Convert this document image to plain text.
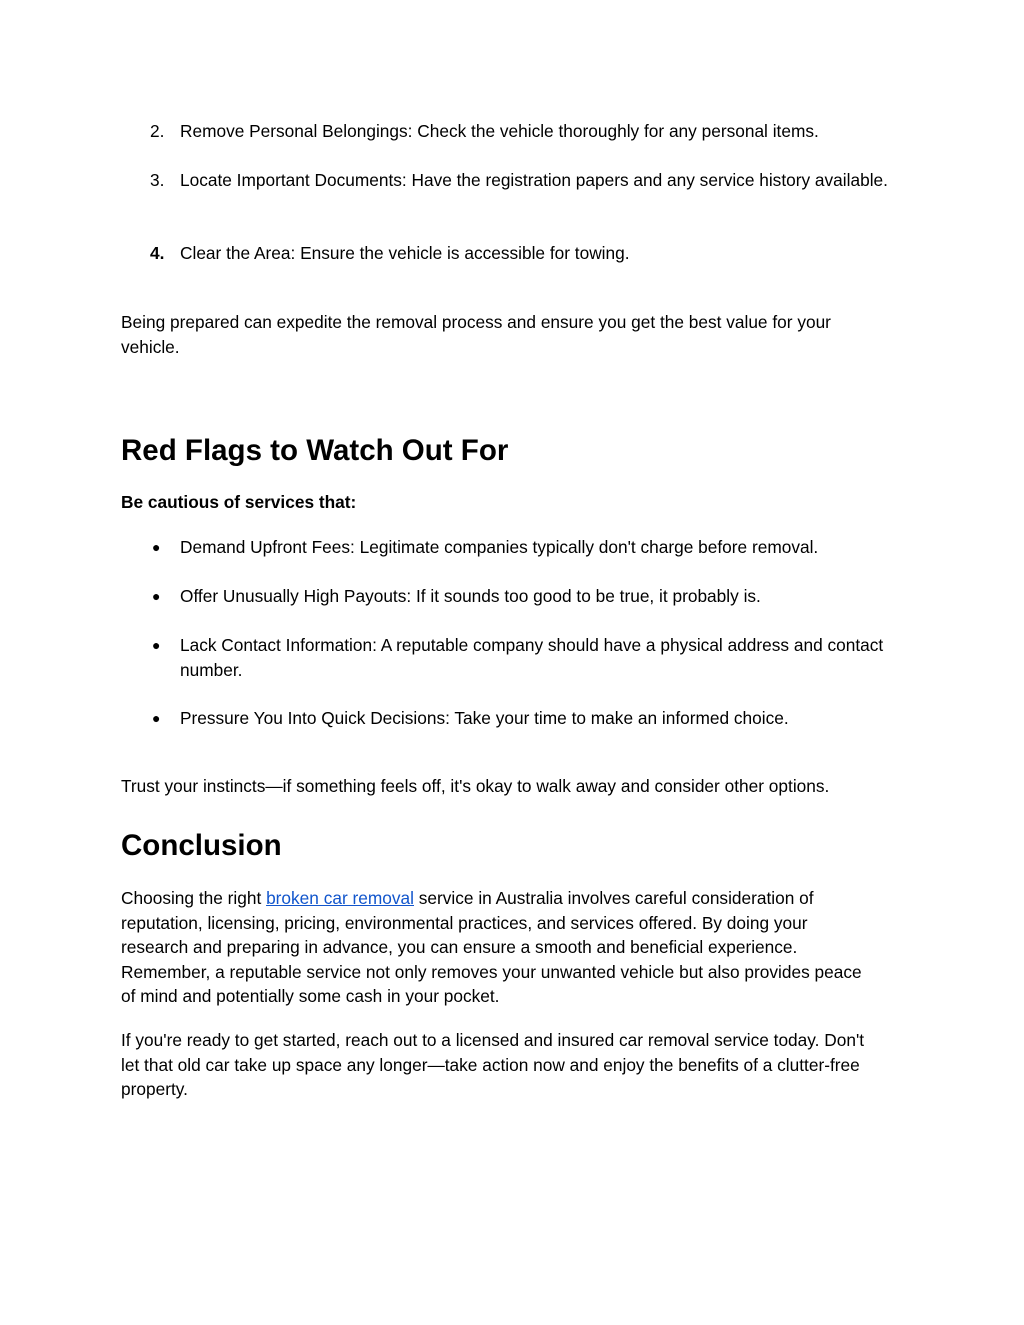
2. Remove Personal Belongings: Check the vehicle thoroughly for any personal items.
3. Locate Important Documents: Have the registration papers and any service history available.
4. Clear the Area: Ensure the vehicle is accessible for towing.

Being prepared can expedite the removal process and ensure you get the best value for your vehicle.

Red Flags to Watch Out For

Be cautious of services that:

● Demand Upfront Fees: Legitimate companies typically don't charge before removal.
● Offer Unusually High Payouts: If it sounds too good to be true, it probably is.
● Lack Contact Information: A reputable company should have a physical address and contact number.
● Pressure You Into Quick Decisions: Take your time to make an informed choice.

Trust your instincts—if something feels off, it's okay to walk away and consider other options.

Conclusion

Choosing the right broken car removal service in Australia involves careful consideration of reputation, licensing, pricing, environmental practices, and services offered. By doing your research and preparing in advance, you can ensure a smooth and beneficial experience. Remember, a reputable service not only removes your unwanted vehicle but also provides peace of mind and potentially some cash in your pocket.

If you're ready to get started, reach out to a licensed and insured car removal service today. Don't let that old car take up space any longer—take action now and enjoy the benefits of a clutter-free property.
